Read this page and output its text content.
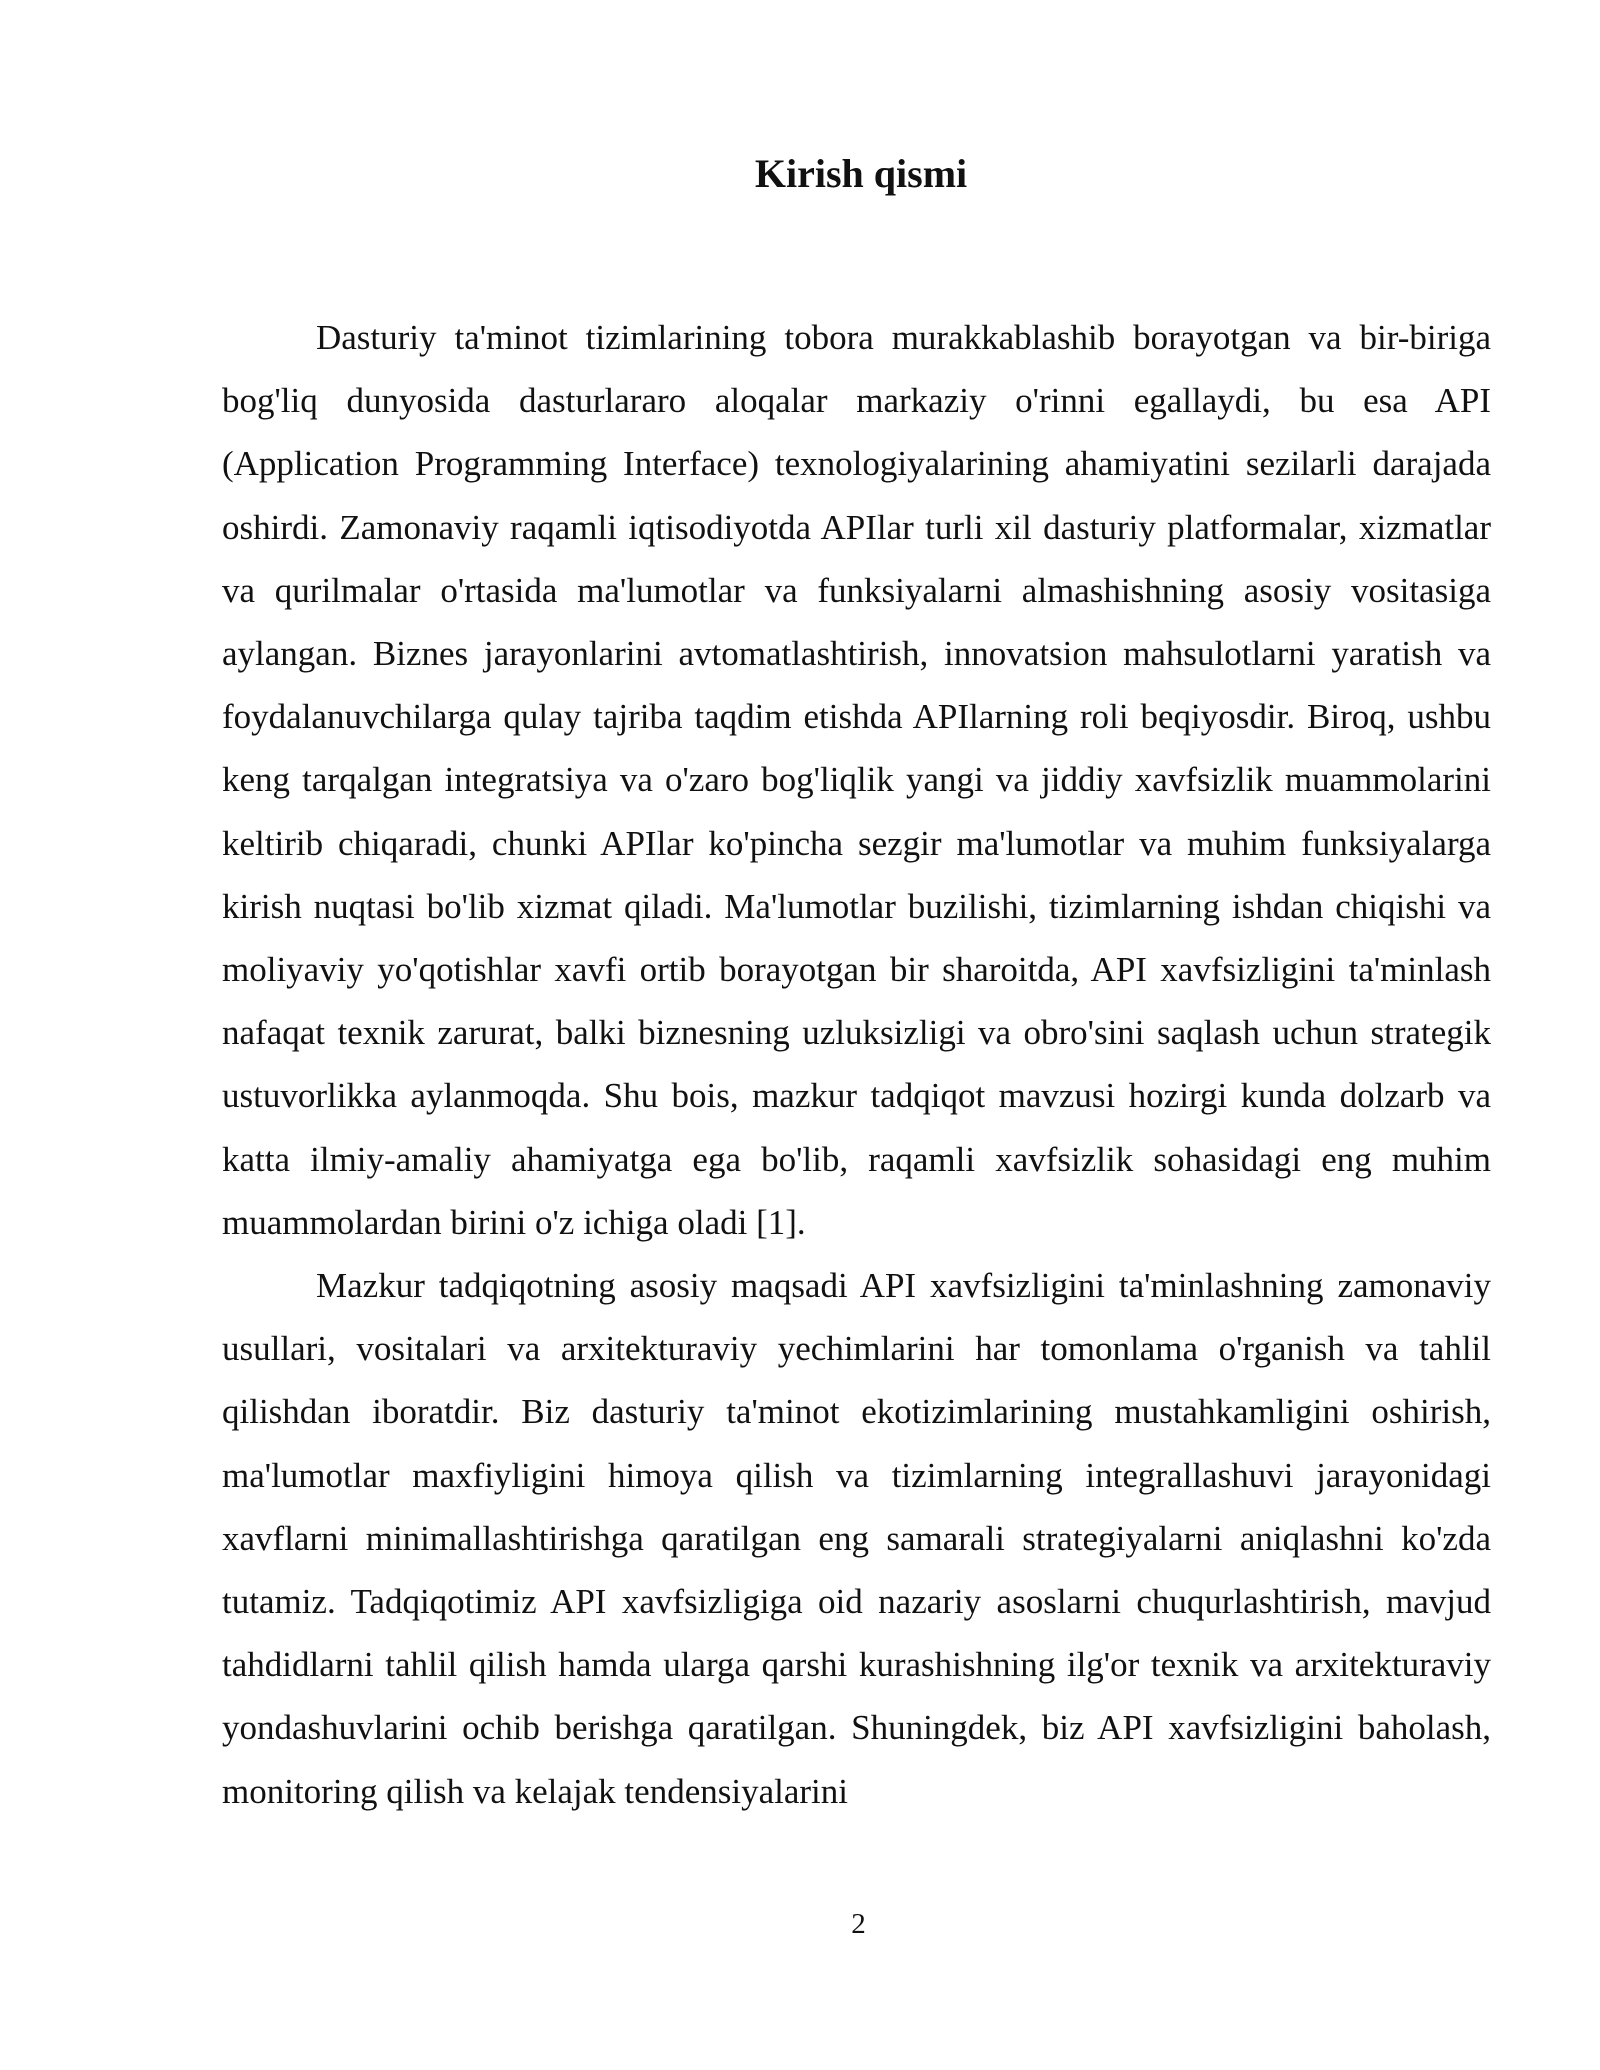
Kirish qismi

Dasturiy ta'minot tizimlarining tobora murakkablashib borayotgan va bir-biriga bog'liq dunyosida dasturlararo aloqalar markaziy o'rinni egallaydi, bu esa API (Application Programming Interface) texnologiyalarining ahamiyatini sezilarli darajada oshirdi. Zamonaviy raqamli iqtisodiyotda APIlar turli xil dasturiy platformalar, xizmatlar va qurilmalar o'rtasida ma'lumotlar va funksiyalarni almashishning asosiy vositasiga aylangan. Biznes jarayonlarini avtomatlashtirish, innovatsion mahsulotlarni yaratish va foydalanuvchilarga qulay tajriba taqdim etishda APIlarning roli beqiyosdir. Biroq, ushbu keng tarqalgan integratsiya va o'zaro bog'liqlik yangi va jiddiy xavfsizlik muammolarini keltirib chiqaradi, chunki APIlar ko'pincha sezgir ma'lumotlar va muhim funksiyalarga kirish nuqtasi bo'lib xizmat qiladi. Ma'lumotlar buzilishi, tizimlarning ishdan chiqishi va moliyaviy yo'qotishlar xavfi ortib borayotgan bir sharoitda, API xavfsizligini ta'minlash nafaqat texnik zarurat, balki biznesning uzluksizligi va obro'sini saqlash uchun strategik ustuvorlikka aylanmoqda. Shu bois, mazkur tadqiqot mavzusi hozirgi kunda dolzarb va katta ilmiy-amaliy ahamiyatga ega bo'lib, raqamli xavfsizlik sohasidagi eng muhim muammolardan birini o'z ichiga oladi [1].

Mazkur tadqiqotning asosiy maqsadi API xavfsizligini ta'minlashning zamonaviy usullari, vositalari va arxitekturaviy yechimlarini har tomonlama o'rganish va tahlil qilishdan iboratdir. Biz dasturiy ta'minot ekotizimlarining mustahkamligini oshirish, ma'lumotlar maxfiyligini himoya qilish va tizimlarning integrallashuvi jarayonidagi xavflarni minimallashtirishga qaratilgan eng samarali strategiyalarni aniqlashni ko'zda tutamiz. Tadqiqotimiz API xavfsizligiga oid nazariy asoslarni chuqurlashtirish, mavjud tahdidlarni tahlil qilish hamda ularga qarshi kurashishning ilg'or texnik va arxitekturaviy yondashuvlarini ochib berishga qaratilgan. Shuningdek, biz API xavfsizligini baholash, monitoring qilish va kelajak tendensiyalarini

2
